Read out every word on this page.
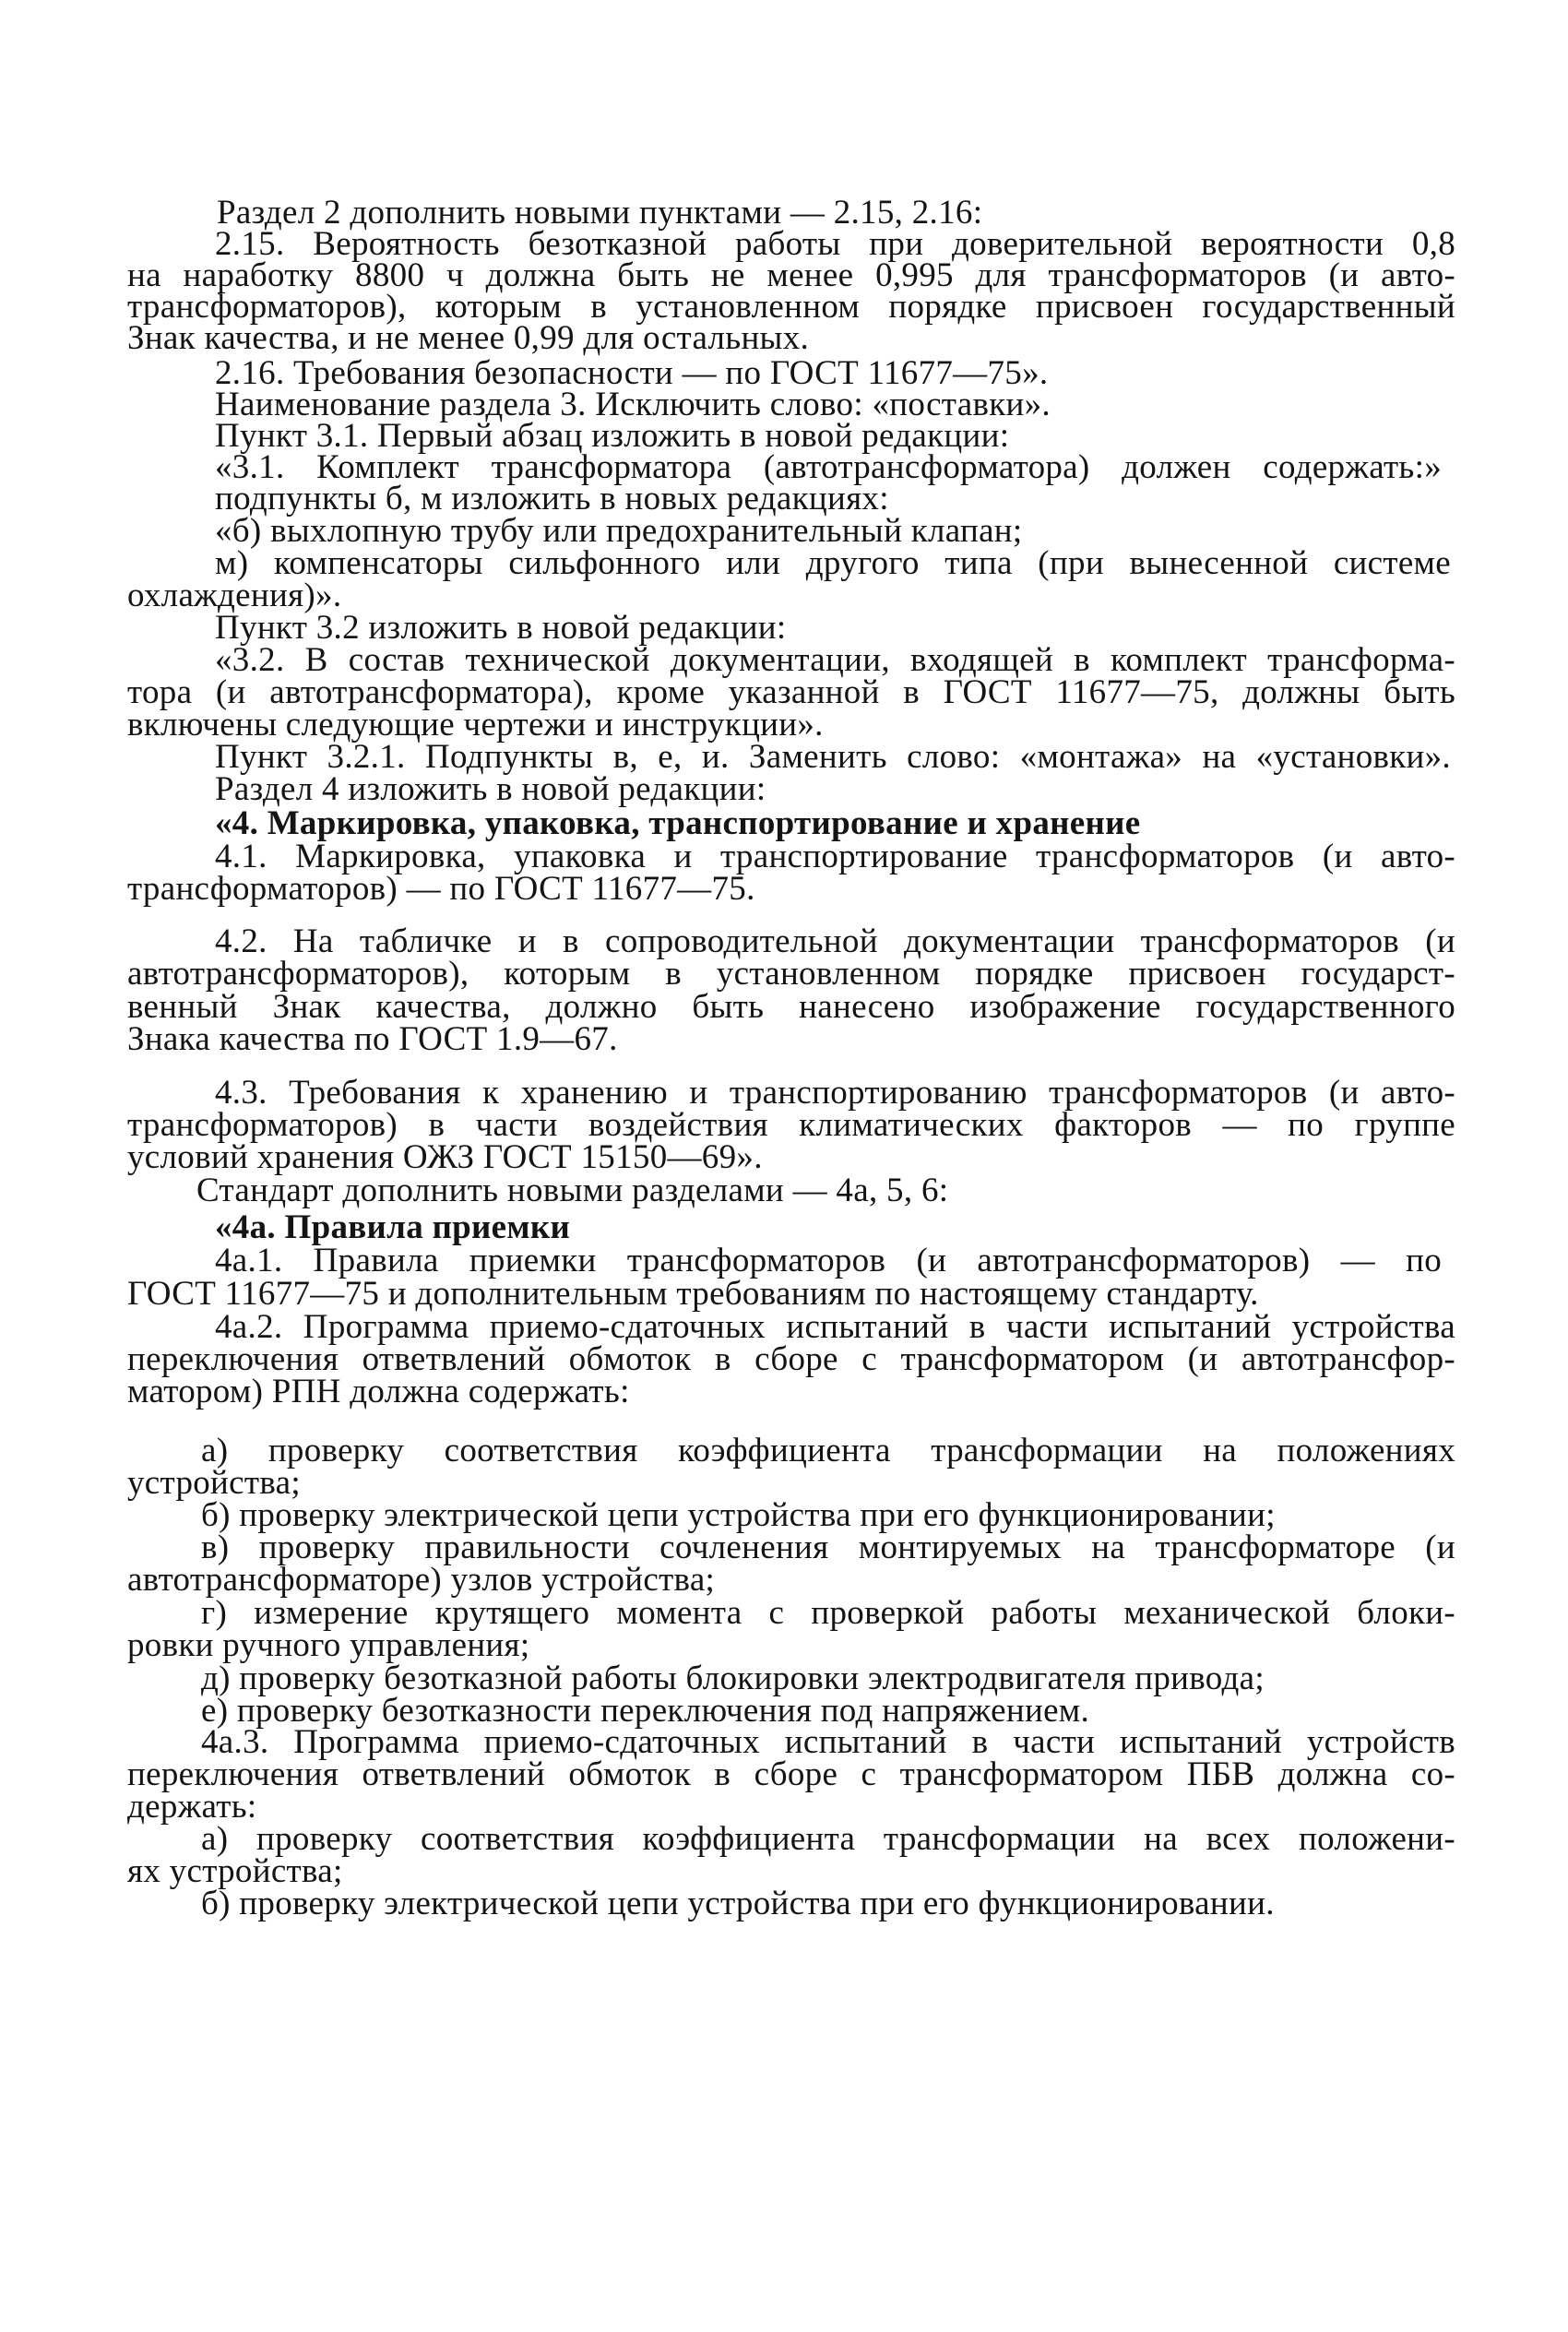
Раздел 2 дополнить новыми пунктами — 2.15, 2.16:
2.15. Вероятность безотказной работы при доверительной вероятности 0,8
на наработку 8800 ч должна быть не менее 0,995 для трансформаторов (и авто-
трансформаторов), которым в установленном порядке присвоен государственный
Знак качества, и не менее 0,99 для остальных.
2.16. Требования безопасности — по ГОСТ 11677—75».
Наименование раздела 3. Исключить слово: «поставки».
Пункт 3.1. Первый абзац изложить в новой редакции:
«3.1. Комплект трансформатора (автотрансформатора) должен содержать:»
подпункты б, м изложить в новых редакциях:
«б) выхлопную трубу или предохранительный клапан;
м) компенсаторы сильфонного или другого типа (при вынесенной системе
охлаждения)».
Пункт 3.2 изложить в новой редакции:
«3.2. В состав технической документации, входящей в комплект трансформа-
тора (и автотрансформатора), кроме указанной в ГОСТ 11677—75, должны быть
включены следующие чертежи и инструкции».
Пункт 3.2.1. Подпункты в, е, и. Заменить слово: «монтажа» на «установки».
Раздел 4 изложить в новой редакции:
«4. Маркировка, упаковка, транспортирование и хранение
4.1. Маркировка, упаковка и транспортирование трансформаторов (и авто-
трансформаторов) — по ГОСТ 11677—75.
4.2. На табличке и в сопроводительной документации трансформаторов (и
автотрансформаторов), которым в установленном порядке присвоен государст-
венный Знак качества, должно быть нанесено изображение государственного
Знака качества по ГОСТ 1.9—67.
4.3. Требования к хранению и транспортированию трансформаторов (и авто-
трансформаторов) в части воздействия климатических факторов — по группе
условий хранения ОЖЗ ГОСТ 15150—69».
Стандарт дополнить новыми разделами — 4а, 5, 6:
«4а. Правила приемки
4а.1. Правила приемки трансформаторов (и автотрансформаторов) — по
ГОСТ 11677—75 и дополнительным требованиям по настоящему стандарту.
4а.2. Программа приемо-сдаточных испытаний в части испытаний устройства
переключения ответвлений обмоток в сборе с трансформатором (и автотрансфор-
матором) РПН должна содержать:
а) проверку соответствия коэффициента трансформации на положениях
устройства;
б) проверку электрической цепи устройства при его функционировании;
в) проверку правильности сочленения монтируемых на трансформаторе (и
автотрансформаторе) узлов устройства;
г) измерение крутящего момента с проверкой работы механической блоки-
ровки ручного управления;
д) проверку безотказной работы блокировки электродвигателя привода;
е) проверку безотказности переключения под напряжением.
4а.3. Программа приемо-сдаточных испытаний в части испытаний устройств
переключения ответвлений обмоток в сборе с трансформатором ПБВ должна со-
держать:
а) проверку соответствия коэффициента трансформации на всех положени-
ях устройства;
б) проверку электрической цепи устройства при его функционировании.
